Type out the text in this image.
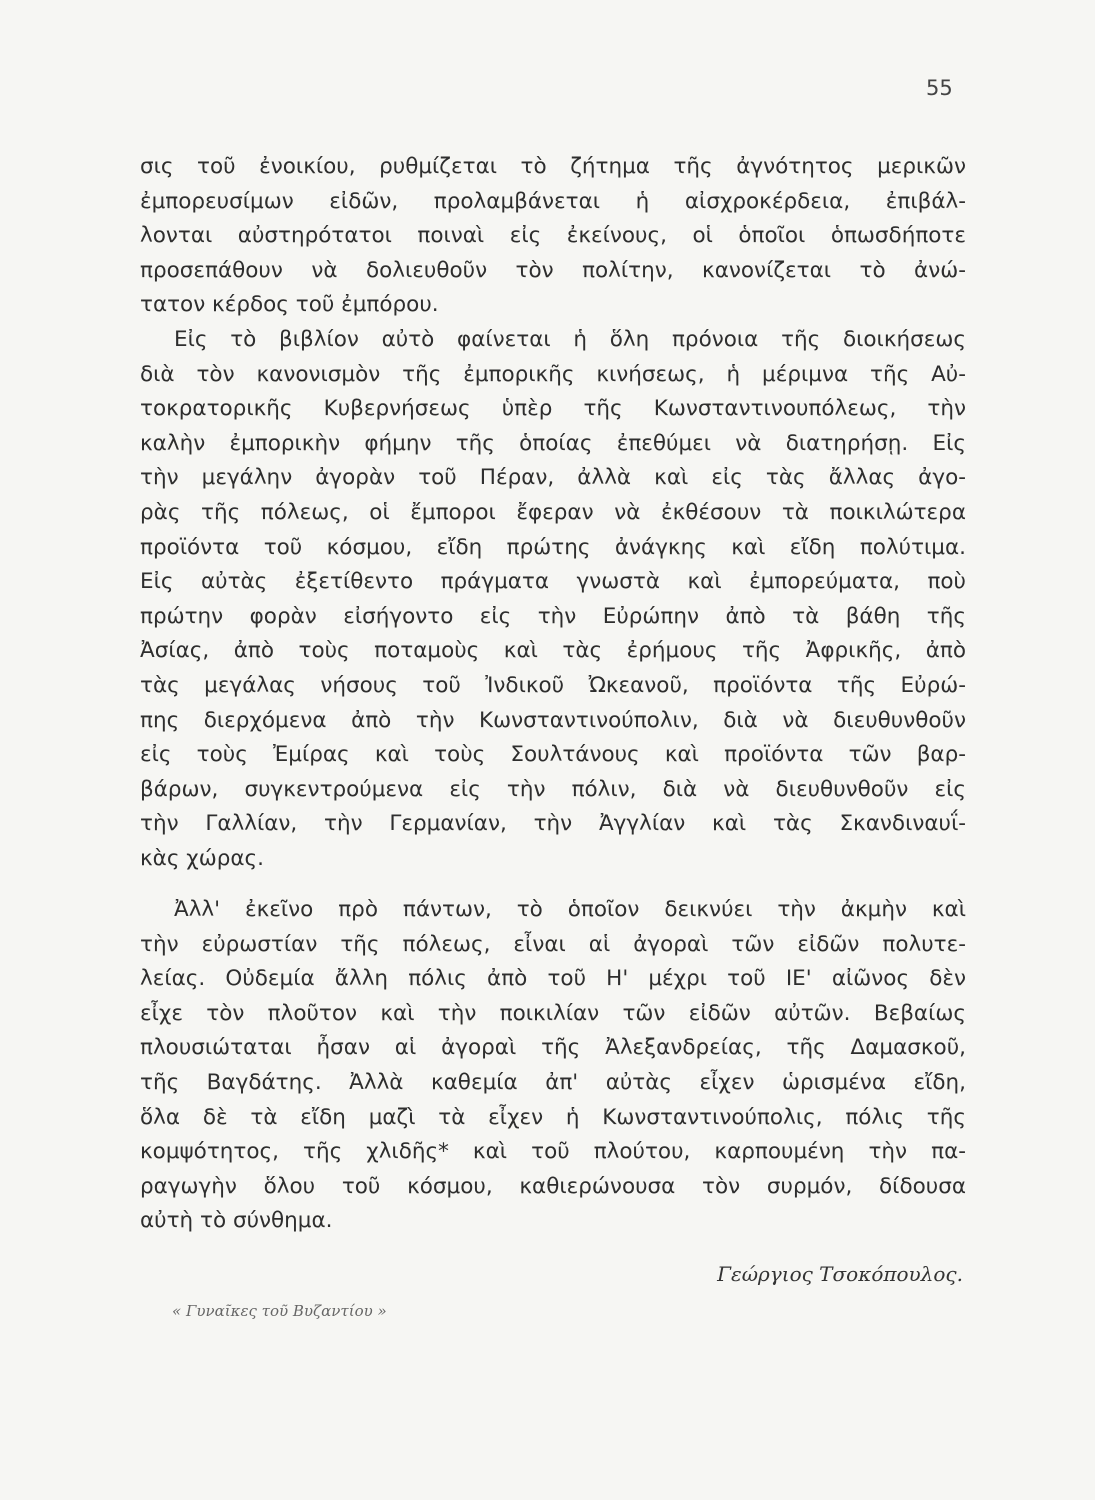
55
σις τοῦ ἐνοικίου, ρυθμίζεται τὸ ζήτημα τῆς ἀγνότητος μερικῶν
ἐμπορευσίμων εἰδῶν, προλαμβάνεται ἡ αἰσχροκέρδεια, ἐπιβάλ-
λονται αὐστηρότατοι ποιναὶ εἰς ἐκείνους, οἱ ὁποῖοι ὁπωσδήποτε
προσεπάθουν νὰ δολιευθοῦν τὸν πολίτην, κανονίζεται τὸ ἀνώ-
τατον κέρδος τοῦ ἐμπόρου.
Εἰς τὸ βιβλίον αὐτὸ φαίνεται ἡ ὅλη πρόνοια τῆς διοικήσεως
διὰ τὸν κανονισμὸν τῆς ἐμπορικῆς κινήσεως, ἡ μέριμνα τῆς Αὐ-
τοκρατορικῆς Κυβερνήσεως ὑπὲρ τῆς Κωνσταντινουπόλεως, τὴν
καλὴν ἐμπορικὴν φήμην τῆς ὁποίας ἐπεθύμει νὰ διατηρήσῃ. Εἰς
τὴν μεγάλην ἀγορὰν τοῦ Πέραν, ἀλλὰ καὶ εἰς τὰς ἄλλας ἀγο-
ρὰς τῆς πόλεως, οἱ ἔμποροι ἔφεραν νὰ ἐκθέσουν τὰ ποικιλώτερα
προϊόντα τοῦ κόσμου, εἴδη πρώτης ἀνάγκης καὶ εἴδη πολύτιμα.
Εἰς αὐτὰς ἐξετίθεντο πράγματα γνωστὰ καὶ ἐμπορεύματα, ποὺ
πρώτην φορὰν εἰσήγοντο εἰς τὴν Εὐρώπην ἀπὸ τὰ βάθη τῆς
Ἀσίας, ἀπὸ τοὺς ποταμοὺς καὶ τὰς ἐρήμους τῆς Ἀφρικῆς, ἀπὸ
τὰς μεγάλας νήσους τοῦ Ἰνδικοῦ Ὠκεανοῦ, προϊόντα τῆς Εὐρώ-
πης διερχόμενα ἀπὸ τὴν Κωνσταντινούπολιν, διὰ νὰ διευθυνθοῦν
εἰς τοὺς Ἐμίρας καὶ τοὺς Σουλτάνους καὶ προϊόντα τῶν βαρ-
βάρων, συγκεντρούμενα εἰς τὴν πόλιν, διὰ νὰ διευθυνθοῦν εἰς
τὴν Γαλλίαν, τὴν Γερμανίαν, τὴν Ἀγγλίαν καὶ τὰς Σκανδιναυΐ-
κὰς χώρας.
Ἀλλ' ἐκεῖνο πρὸ πάντων, τὸ ὁποῖον δεικνύει τὴν ἀκμὴν καὶ
τὴν εὐρωστίαν τῆς πόλεως, εἶναι αἱ ἀγοραὶ τῶν εἰδῶν πολυτε-
λείας. Οὐδεμία ἄλλη πόλις ἀπὸ τοῦ Η' μέχρι τοῦ ΙΕ' αἰῶνος δὲν
εἶχε τὸν πλοῦτον καὶ τὴν ποικιλίαν τῶν εἰδῶν αὐτῶν. Βεβαίως
πλουσιώταται ἦσαν αἱ ἀγοραὶ τῆς Ἀλεξανδρείας, τῆς Δαμασκοῦ,
τῆς Βαγδάτης. Ἀλλὰ καθεμία ἀπ' αὐτὰς εἶχεν ὡρισμένα εἴδη,
ὅλα δὲ τὰ εἴδη μαζὶ τὰ εἶχεν ἡ Κωνσταντινούπολις, πόλις τῆς
κομψότητος, τῆς χλιδῆς* καὶ τοῦ πλούτου, καρπουμένη τὴν πα-
ραγωγὴν ὅλου τοῦ κόσμου, καθιερώνουσα τὸν συρμόν, δίδουσα
αὐτὴ τὸ σύνθημα.
Γεώργιος Τσοκόπουλος.
« Γυναῖκες τοῦ Βυζαντίου »
